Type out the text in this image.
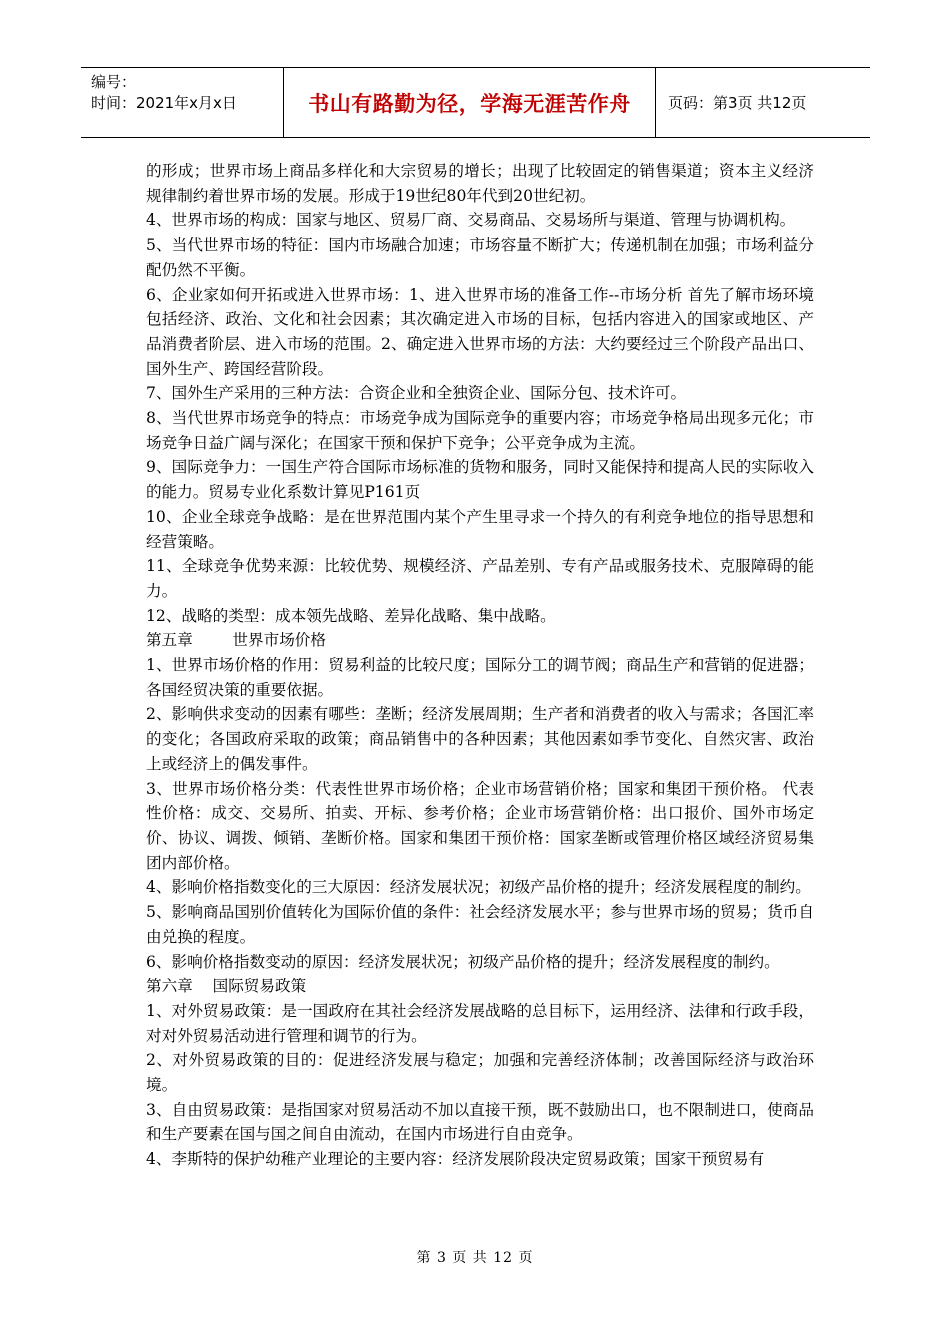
编号：
时间：2021年x月x日	书山有路勤为径，学海无涯苦作舟	页码：第3页 共12页

的形成；世界市场上商品多样化和大宗贸易的增长；出现了比较固定的销售渠道；资本主义经济规律制约着世界市场的发展。形成于19世纪80年代到20世纪初。

4、世界市场的构成：国家与地区、贸易厂商、交易商品、交易场所与渠道、管理与协调机构。

5、当代世界市场的特征：国内市场融合加速；市场容量不断扩大；传递机制在加强；市场利益分配仍然不平衡。

6、企业家如何开拓或进入世界市场：1、进入世界市场的准备工作--市场分析 首先了解市场环境包括经济、政治、文化和社会因素；其次确定进入市场的目标，包括内容进入的国家或地区、产品消费者阶层、进入市场的范围。2、确定进入世界市场的方法：大约要经过三个阶段产品出口、国外生产、跨国经营阶段。

7、国外生产采用的三种方法：合资企业和全独资企业、国际分包、技术许可。

8、当代世界市场竞争的特点：市场竞争成为国际竞争的重要内容；市场竞争格局出现多元化；市场竞争日益广阔与深化；在国家干预和保护下竞争；公平竞争成为主流。

9、国际竞争力：一国生产符合国际市场标准的货物和服务，同时又能保持和提高人民的实际收入的能力。贸易专业化系数计算见P161页

10、企业全球竞争战略：是在世界范围内某个产生里寻求一个持久的有利竞争地位的指导思想和经营策略。

11、全球竞争优势来源：比较优势、规模经济、产品差别、专有产品或服务技术、克服障碍的能力。

12、战略的类型：成本领先战略、差异化战略、集中战略。

第五章        世界市场价格

1、世界市场价格的作用：贸易利益的比较尺度；国际分工的调节阀；商品生产和营销的促进器；各国经贸决策的重要依据。

2、影响供求变动的因素有哪些：垄断；经济发展周期；生产者和消费者的收入与需求；各国汇率的变化；各国政府采取的政策；商品销售中的各种因素；其他因素如季节变化、自然灾害、政治上或经济上的偶发事件。

3、世界市场价格分类：代表性世界市场价格；企业市场营销价格；国家和集团干预价格。 代表性价格：成交、交易所、拍卖、开标、参考价格；企业市场营销价格：出口报价、国外市场定价、协议、调拨、倾销、垄断价格。国家和集团干预价格：国家垄断或管理价格区域经济贸易集团内部价格。

4、影响价格指数变化的三大原因：经济发展状况；初级产品价格的提升；经济发展程度的制约。

5、影响商品国别价值转化为国际价值的条件：社会经济发展水平；参与世界市场的贸易；货币自由兑换的程度。

6、影响价格指数变动的原因：经济发展状况；初级产品价格的提升；经济发展程度的制约。

第六章    国际贸易政策

1、对外贸易政策：是一国政府在其社会经济发展战略的总目标下，运用经济、法律和行政手段，对对外贸易活动进行管理和调节的行为。

2、对外贸易政策的目的：促进经济发展与稳定；加强和完善经济体制；改善国际经济与政治环境。

3、自由贸易政策：是指国家对贸易活动不加以直接干预，既不鼓励出口，也不限制进口，使商品和生产要素在国与国之间自由流动，在国内市场进行自由竞争。

4、李斯特的保护幼稚产业理论的主要内容：经济发展阶段决定贸易政策；国家干预贸易有

第 3 页 共 12 页
